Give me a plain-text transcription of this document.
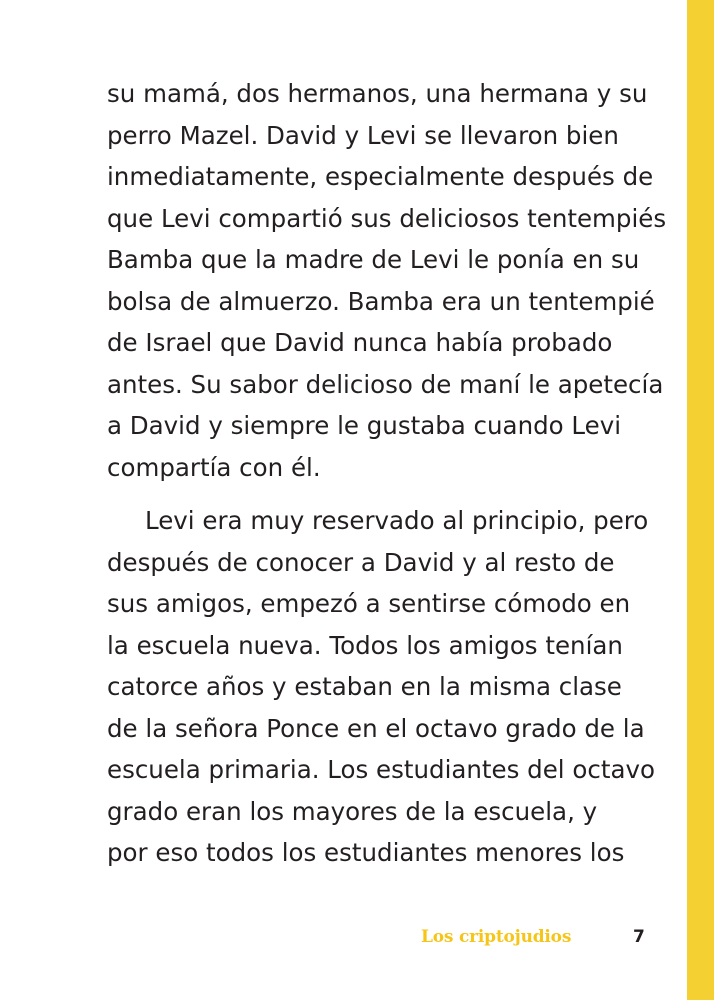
su mamá, dos hermanos, una hermana y su
perro Mazel. David y Levi se llevaron bien
inmediatamente, especialmente después de
que Levi compartió sus deliciosos tentempiés
Bamba que la madre de Levi le ponía en su
bolsa de almuerzo. Bamba era un tentempié
de Israel que David nunca había probado
antes. Su sabor delicioso de maní le apetecía
a David y siempre le gustaba cuando Levi
compartía con él.
Levi era muy reservado al principio, pero
después de conocer a David y al resto de
sus amigos, empezó a sentirse cómodo en
la escuela nueva. Todos los amigos tenían
catorce años y estaban en la misma clase
de la señora Ponce en el octavo grado de la
escuela primaria. Los estudiantes del octavo
grado eran los mayores de la escuela, y
por eso todos los estudiantes menores los
Los criptojudios	7
